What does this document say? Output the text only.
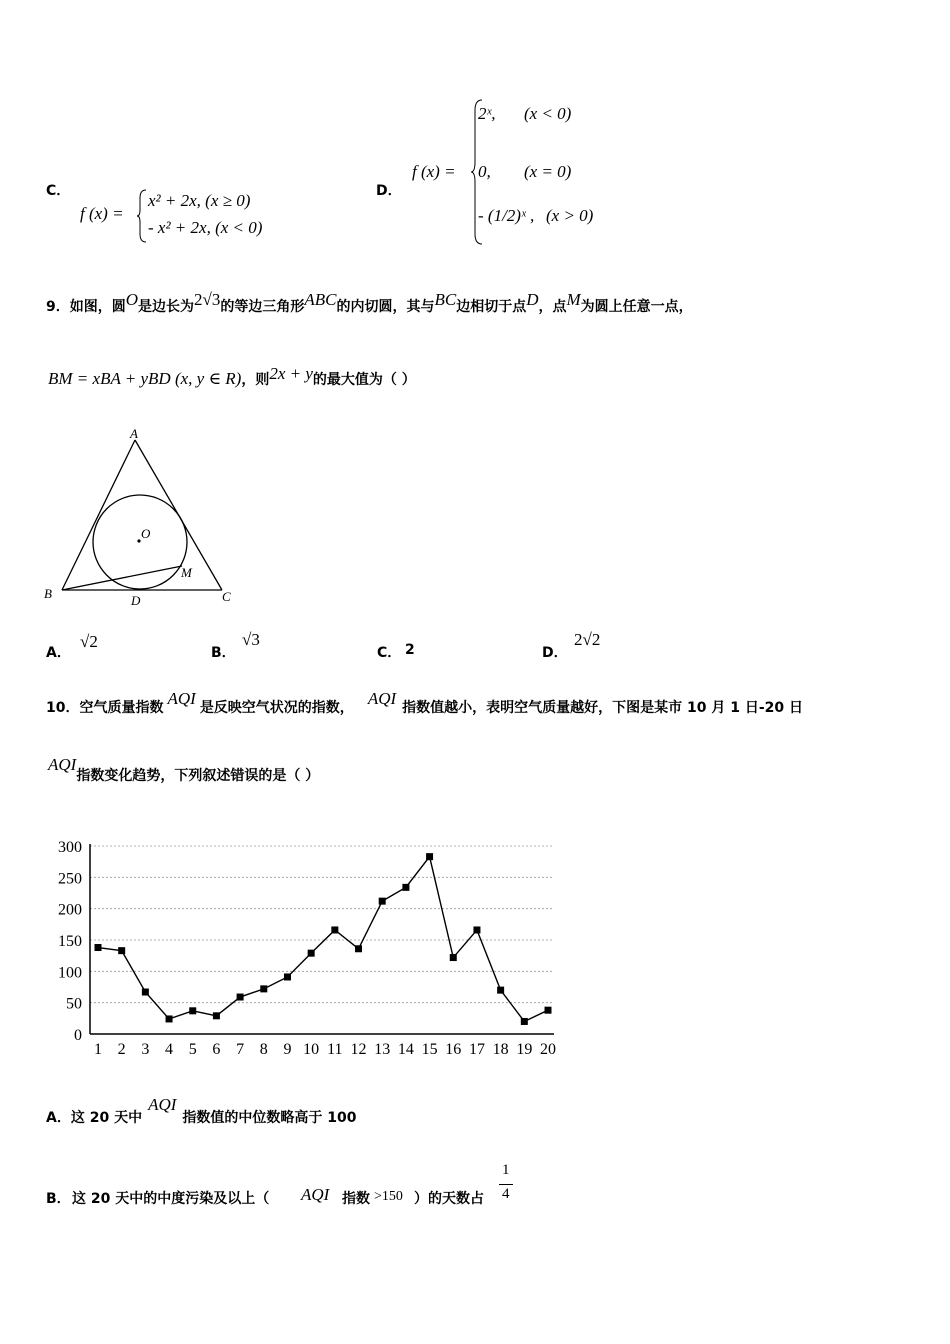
C．
f (x) =
x² + 2x, (x ≥ 0)
- x² + 2x, (x < 0)
D．
f (x) =
2ˣ, (x < 0)
0, (x = 0)
- (1/2)ˣ , (x > 0)
9．如图，圆O是边长为2√3的等边三角形ABC的内切圆，其与BC边相切于点D，点M为圆上任意一点，
BM = xBA + yBD (x, y ∈ R)，则2x + y的最大值为（ ）
A
B	C
D
O
M
A．
√2
B．
√3
C． 2	D．
2√2
10．空气质量指数 AQI 是反映空气状况的指数， AQI 指数值越小，表明空气质量越好，下图是某市 10 月 1 日-20 日
AQI指数变化趋势，下列叙述错误的是（ ）
0
50
100
150
200
250
300
1 2 3 4 5 6 7 8 9 10 11 12 13 14 15 16 17 18 19 20
A．这 20 天中AQI指数值的中位数略高于 100
B． 这 20 天中的中度污染及以上（ AQI 指数 >150 ）的天数占
1
4
